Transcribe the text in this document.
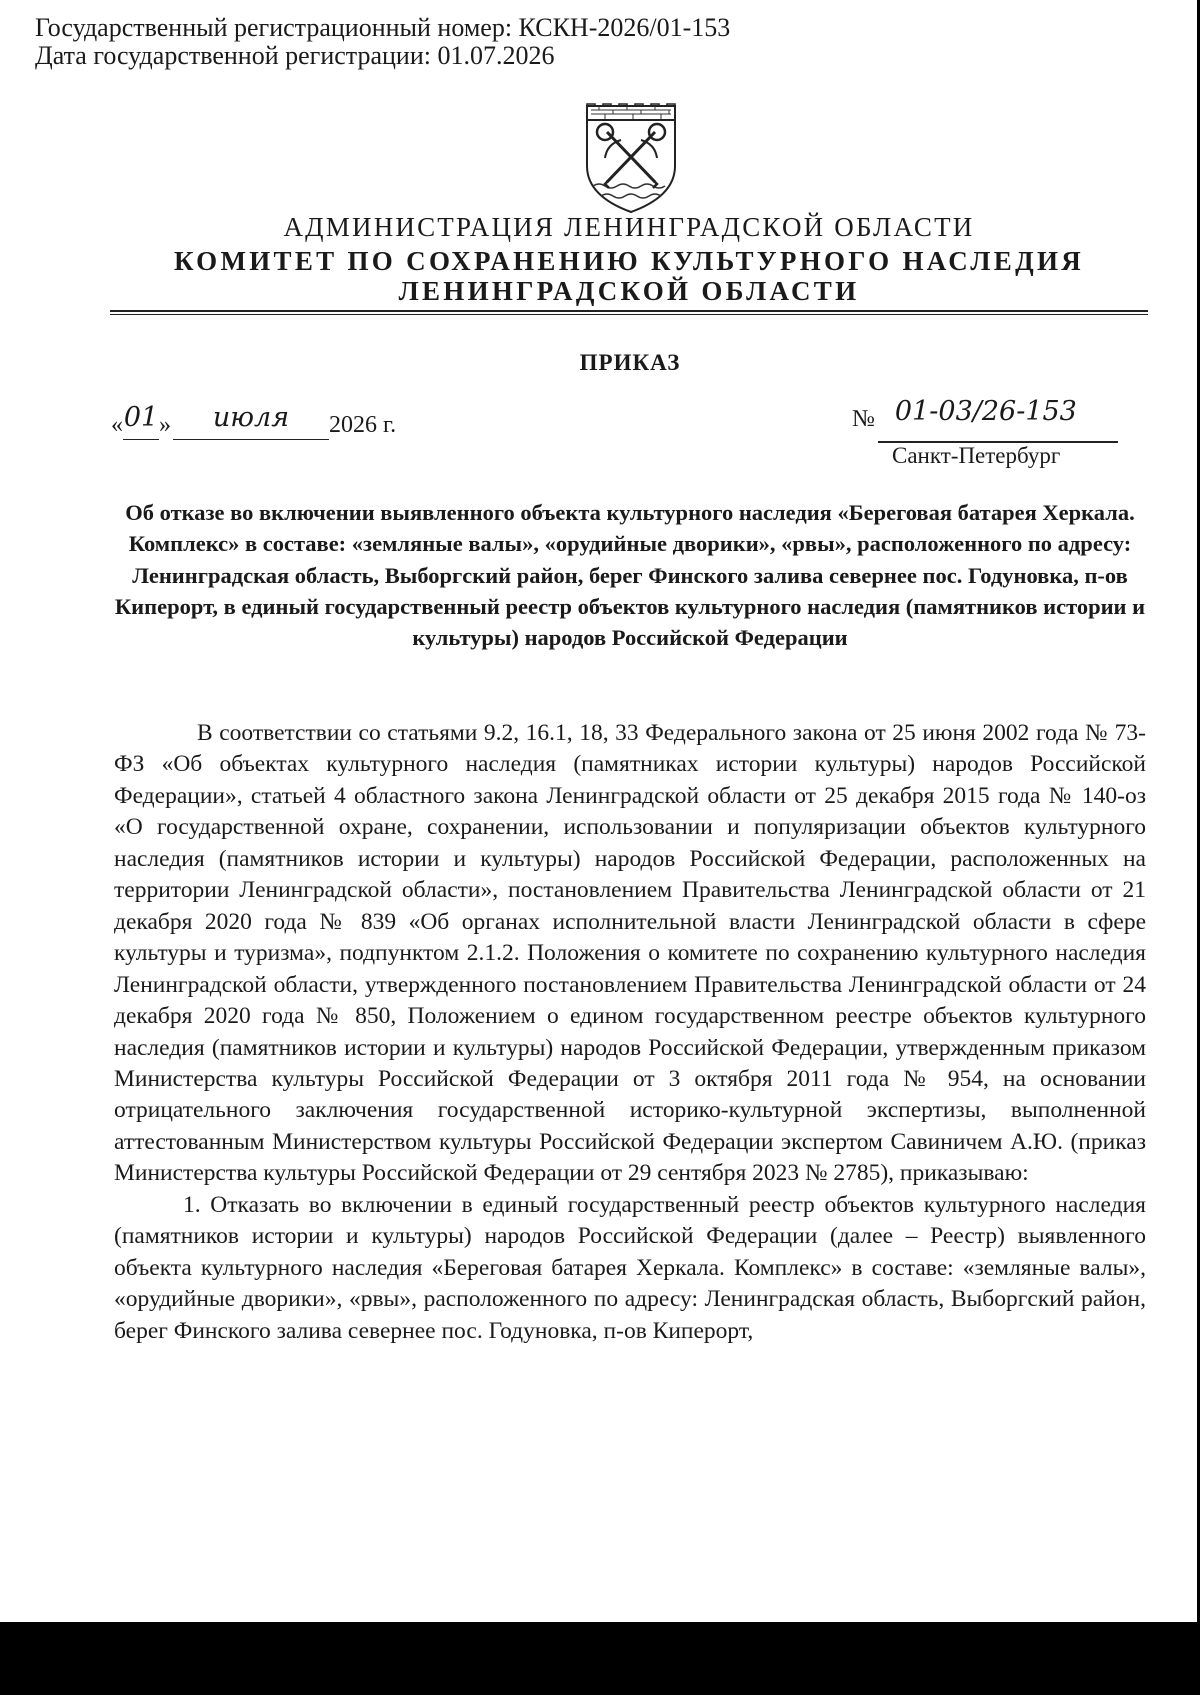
Государственный регистрационный номер: КСКН-2026/01-153
Дата государственной регистрации: 01.07.2026
АДМИНИСТРАЦИЯ ЛЕНИНГРАДСКОЙ ОБЛАСТИ
КОМИТЕТ ПО СОХРАНЕНИЮ КУЛЬТУРНОГО НАСЛЕДИЯ
ЛЕНИНГРАДСКОЙ ОБЛАСТИ
ПРИКАЗ
«01» июля 2026 г.	№ 01-03/26-153
Санкт-Петербург
Об отказе во включении выявленного объекта культурного наследия «Береговая батарея Херкала. Комплекс» в составе: «земляные валы», «орудийные дворики», «рвы», расположенного по адресу: Ленинградская область, Выборгский район, берег Финского залива севернее пос. Годуновка, п-ов Киперорт, в единый государственный реестр объектов культурного наследия (памятников истории и культуры) народов Российской Федерации

В соответствии со статьями 9.2, 16.1, 18, 33 Федерального закона от 25 июня 2002 года № 73-ФЗ «Об объектах культурного наследия (памятниках истории культуры) народов Российской Федерации», статьей 4 областного закона Ленинградской области от 25 декабря 2015 года № 140-оз «О государственной охране, сохранении, использовании и популяризации объектов культурного наследия (памятников истории и культуры) народов Российской Федерации, расположенных на территории Ленинградской области», постановлением Правительства Ленинградской области от 21 декабря 2020 года № 839 «Об органах исполнительной власти Ленинградской области в сфере культуры и туризма», подпунктом 2.1.2. Положения о комитете по сохранению культурного наследия Ленинградской области, утвержденного постановлением Правительства Ленинградской области от 24 декабря 2020 года № 850, Положением о едином государственном реестре объектов культурного наследия (памятников истории и культуры) народов Российской Федерации, утвержденным приказом Министерства культуры Российской Федерации от 3 октября 2011 года № 954, на основании отрицательного заключения государственной историко-культурной экспертизы, выполненной аттестованным Министерством культуры Российской Федерации экспертом Савиничем А.Ю. (приказ Министерства культуры Российской Федерации от 29 сентября 2023 № 2785), приказываю:

1. Отказать во включении в единый государственный реестр объектов культурного наследия (памятников истории и культуры) народов Российской Федерации (далее – Реестр) выявленного объекта культурного наследия «Береговая батарея Херкала. Комплекс» в составе: «земляные валы», «орудийные дворики», «рвы», расположенного по адресу: Ленинградская область, Выборгский район, берег Финского залива севернее пос. Годуновка, п-ов Киперорт,
